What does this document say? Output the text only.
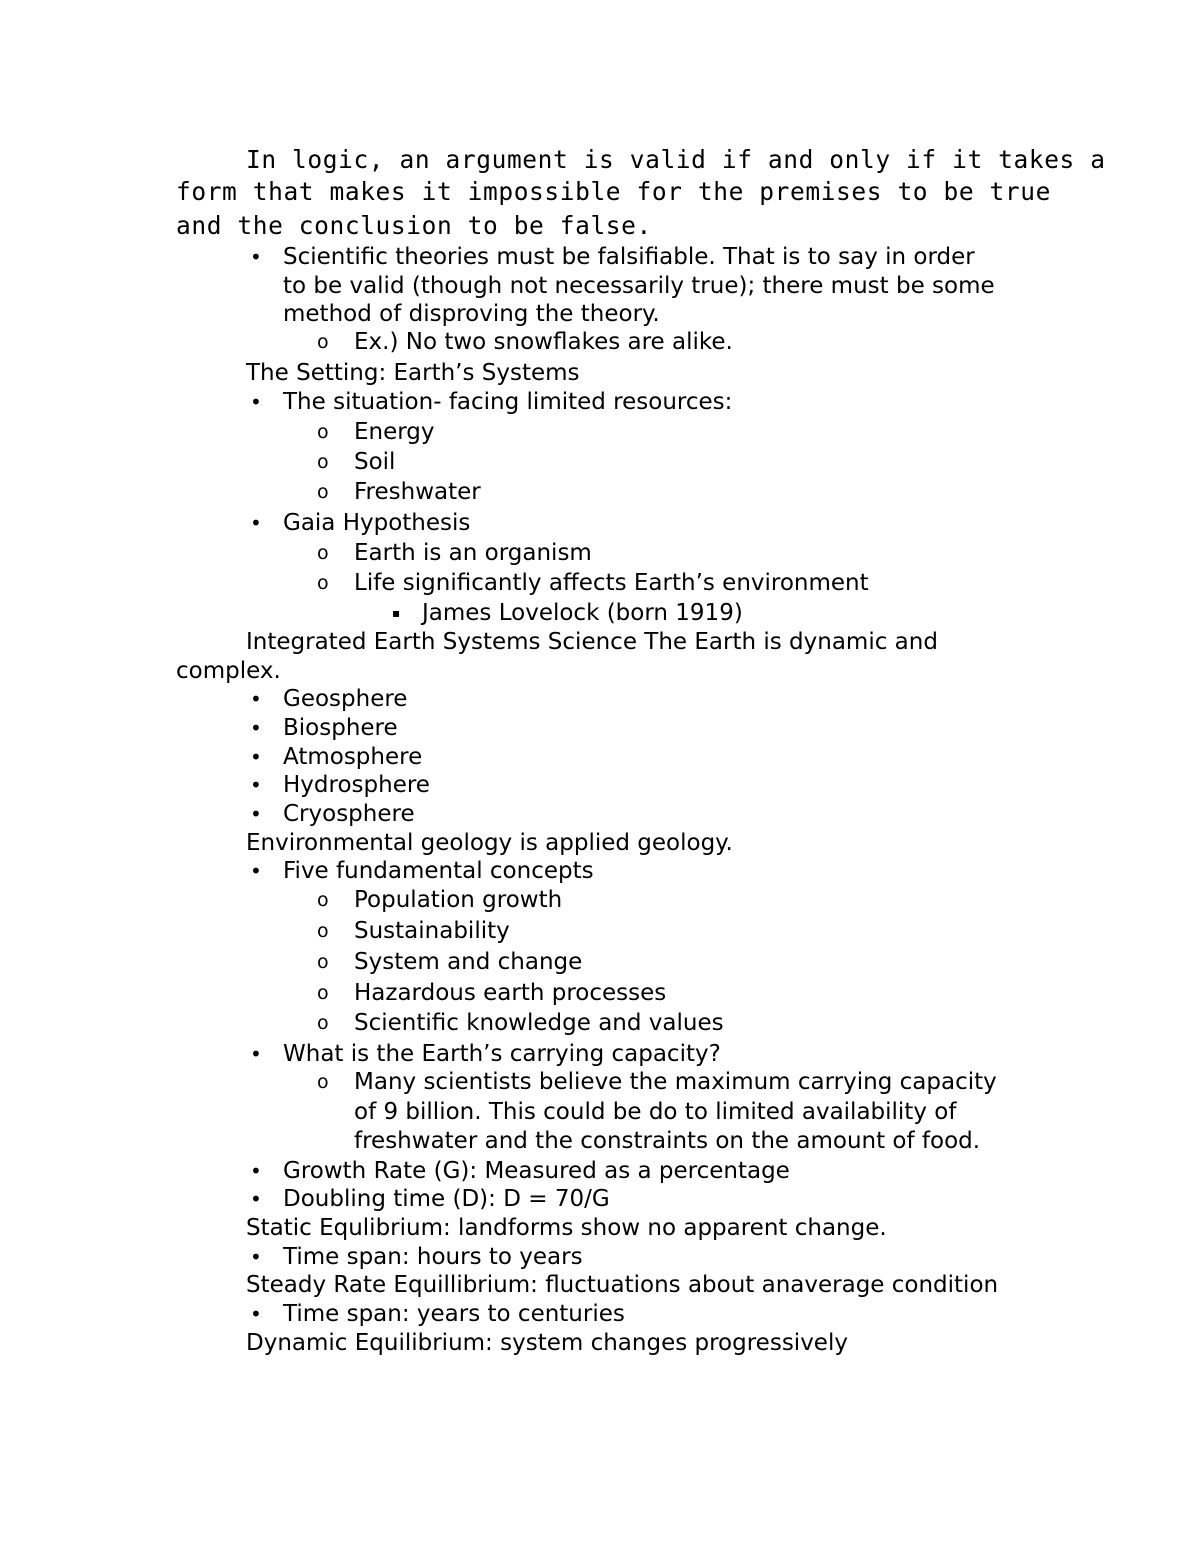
In logic, an argument is valid if and only if it takes a
form that makes it impossible for the premises to be true
and the conclusion to be false.
• Scientific theories must be falsifiable. That is to say in order
to be valid (though not necessarily true); there must be some
method of disproving the theory.
o Ex.) No two snowflakes are alike.
The Setting: Earth’s Systems
• The situation- facing limited resources:
o Energy
o Soil
o Freshwater
• Gaia Hypothesis
o Earth is an organism
o Life significantly affects Earth’s environment
▪ James Lovelock (born 1919)
Integrated Earth Systems Science The Earth is dynamic and
complex.
• Geosphere
• Biosphere
• Atmosphere
• Hydrosphere
• Cryosphere
Environmental geology is applied geology.
• Five fundamental concepts
o Population growth
o Sustainability
o System and change
o Hazardous earth processes
o Scientific knowledge and values
• What is the Earth’s carrying capacity?
o Many scientists believe the maximum carrying capacity
of 9 billion. This could be do to limited availability of
freshwater and the constraints on the amount of food.
• Growth Rate (G): Measured as a percentage
• Doubling time (D): D = 70/G
Static Equlibrium: landforms show no apparent change.
• Time span: hours to years
Steady Rate Equillibrium: fluctuations about anaverage condition
• Time span: years to centuries
Dynamic Equilibrium: system changes progressively
